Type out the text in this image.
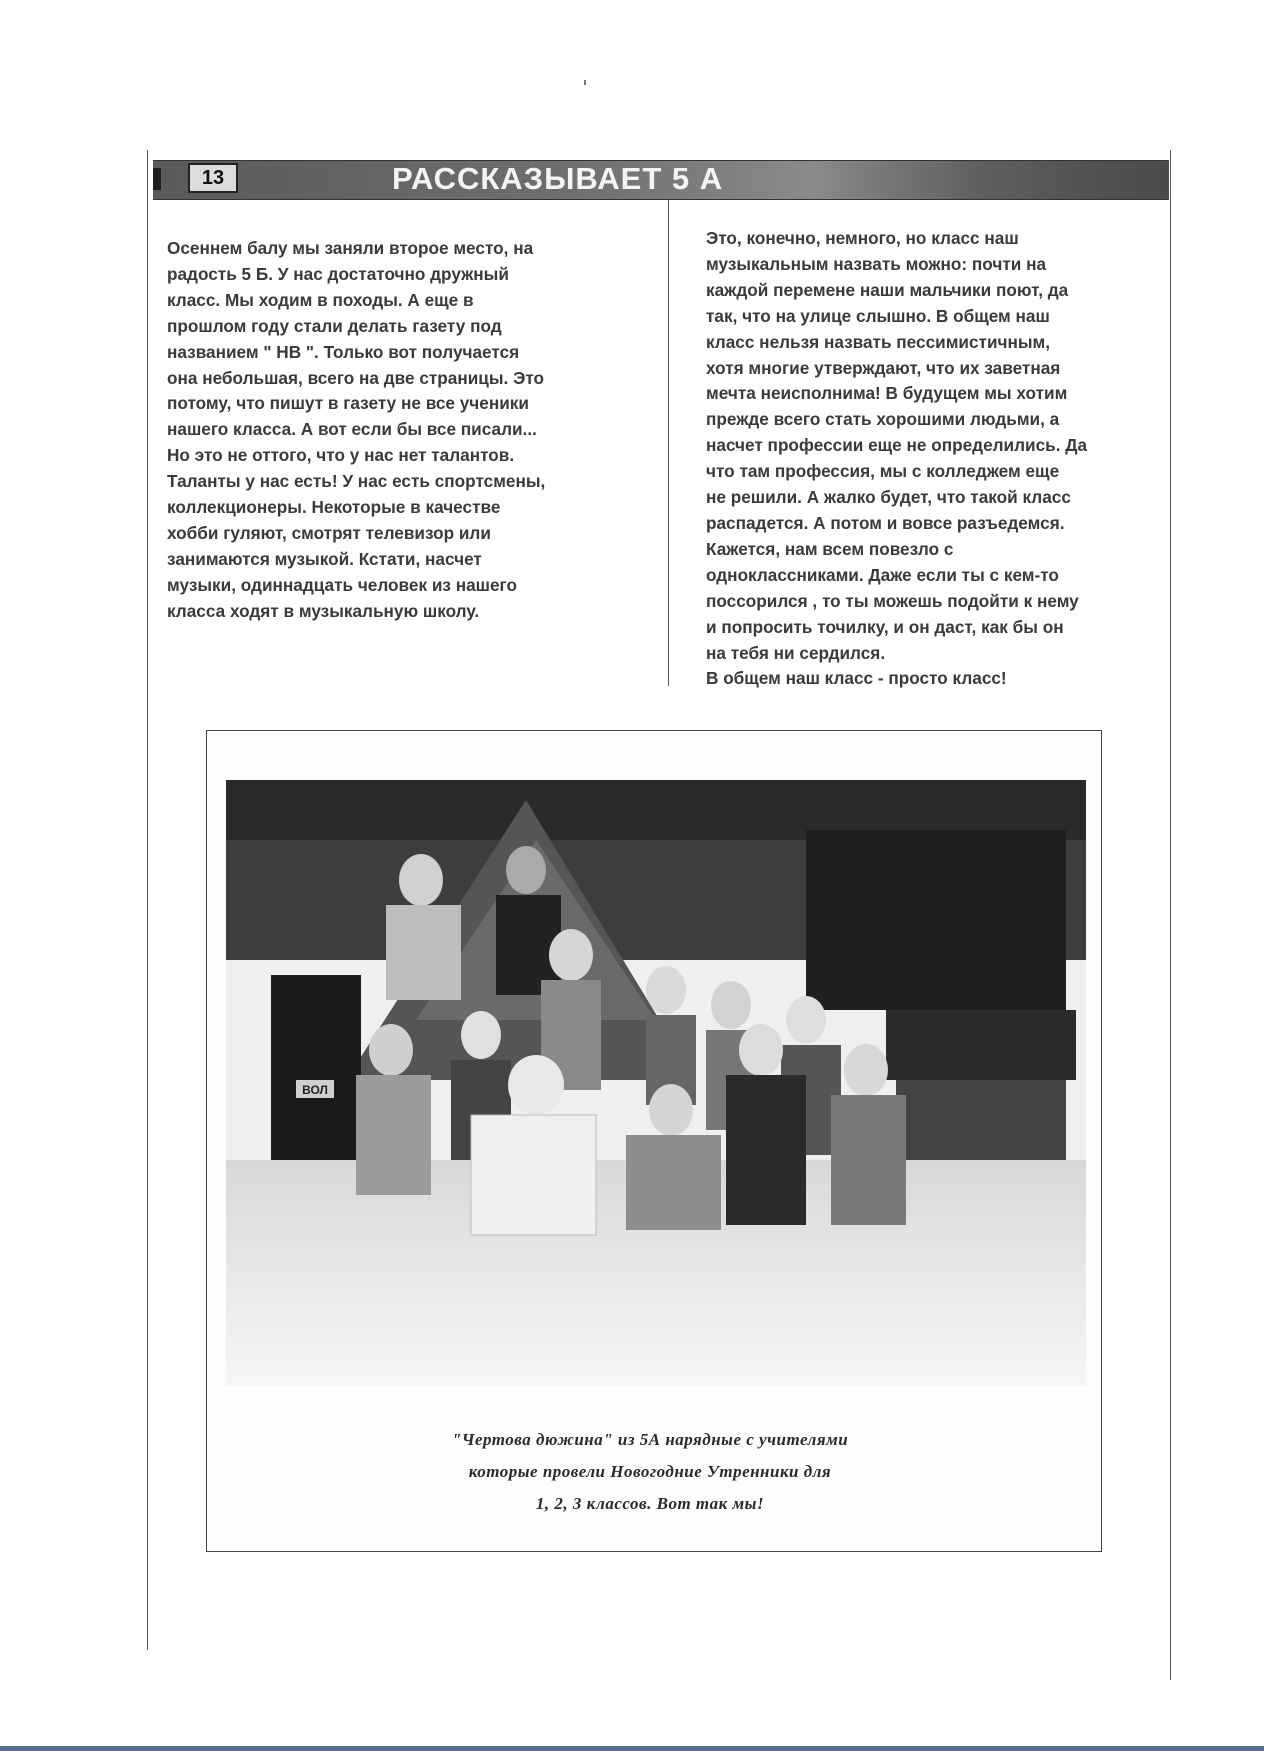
13	РАССКАЗЫВАЕТ 5 А
Осеннем балу мы заняли второе место, на
радость 5 Б. У нас достаточно дружный
класс. Мы ходим в походы. А еще в
прошлом году стали делать газету под
названием " НВ ". Только вот получается
она небольшая, всего на две страницы. Это
потому, что пишут в газету не все ученики
нашего класса. А вот если бы все писали...
Но это не оттого, что у нас нет талантов.
Таланты у нас есть! У нас есть спортсмены,
коллекционеры. Некоторые в качестве
хобби гуляют, смотрят телевизор или
занимаются музыкой. Кстати, насчет
музыки, одиннадцать человек из нашего
класса ходят в музыкальную школу.
Это, конечно, немного, но класс наш
музыкальным назвать можно: почти на
каждой перемене наши мальчики поют, да
так, что на улице слышно. В общем наш
класс нельзя назвать пессимистичным,
хотя многие утверждают, что их заветная
мечта неисполнима! В будущем мы хотим
прежде всего стать хорошими людьми, а
насчет профессии еще не определились. Да
что там профессия, мы с колледжем еще
не решили. А жалко будет, что такой класс
распадется. А потом и вовсе разъедемся.
Кажется, нам всем повезло с
одноклассниками. Даже если ты с кем-то
поссорился , то ты можешь подойти к нему
и попросить точилку, и он даст, как бы он
на тебя ни сердился.
В общем наш класс - просто класс!
ВОЛ
"Чертова дюжина" из 5А нарядные с учителями
которые провели Новогодние Утренники для
1, 2, 3 классов. Вот так мы!
